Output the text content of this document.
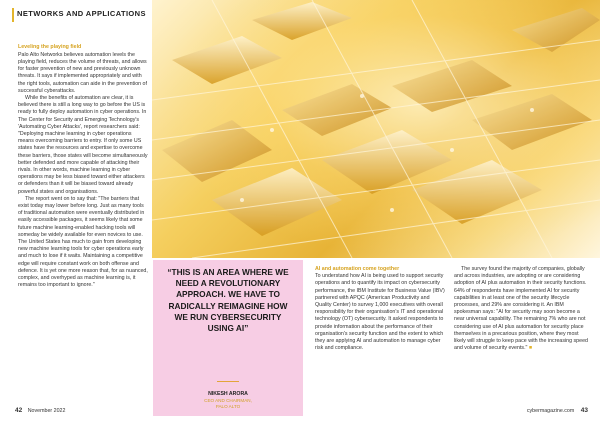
NETWORKS AND APPLICATIONS

Leveling the playing field

Palo Alto Networks believes automation levels the playing field, reduces the volume of threats, and allows for faster prevention of new and previously unknown threats. It says if implemented appropriately and with the right tools, automation can aide in the prevention of successful cyberattacks.

While the benefits of automation are clear, it is believed there is still a long way to go before the US is ready to fully deploy automation in cyber operations. In The Center for Security and Emerging Technology's 'Automating Cyber Attacks', report researchers said: "Deploying machine learning in cyber operations means overcoming barriers to entry. If only some US states have the resources and expertise to overcome these barriers, those states will become simultaneously better defended and more capable of attacking their rivals. In other words, machine learning in cyber operations may be less biased toward either attackers or defenders than it will be biased toward already powerful states and organisations.

The report went on to say that: "The barriers that exist today may lower before long. Just as many tools of traditional automation were eventually distributed in easily accessible packages, it seems likely that some future machine learning-enabled hacking tools will someday be widely available for even novices to use. The United States has much to gain from developing new machine learning tools for cyber operations early and much to lose if it waits. Maintaining a competitive edge will require constant work on both offense and defence. It is yet one more reason that, for as nuanced, complex, and overhyped as machine learning is, it remains too important to ignore."

“THIS IS AN AREA WHERE WE NEED A REVOLUTIONARY APPROACH. WE HAVE TO RADICALLY REIMAGINE HOW WE RUN CYBERSECURITY USING AI”
NIKESH ARORA
CEO AND CHAIRMAN,
PALO ALTO

AI and automation come together

To understand how AI is being used to support security operations and to quantify its impact on cybersecurity performance, the IBM Institute for Business Value (IBV) partnered with APQC (American Productivity and Quality Center) to survey 1,000 executives with overall responsibility for their organisation's IT and operational technology (OT) cybersecurity. It asked respondents to provide information about the performance of their organisation's security function and the extent to which they are applying AI and automation to manage cyber risk and compliance.

The survey found the majority of companies, globally and across industries, are adopting or are considering adoption of AI plus automation in their security functions. 64% of respondents have implemented AI for security capabilities in at least one of the security lifecycle processes, and 29% are considering it. An IBM spokesman says: "AI for security may soon become a near universal capability. The remaining 7% who are not considering use of AI plus automation for security place themselves in a precarious position, where they most likely will struggle to keep pace with the increasing speed and volume of security events." ■

42 November 2022	cybermagazine.com 43
